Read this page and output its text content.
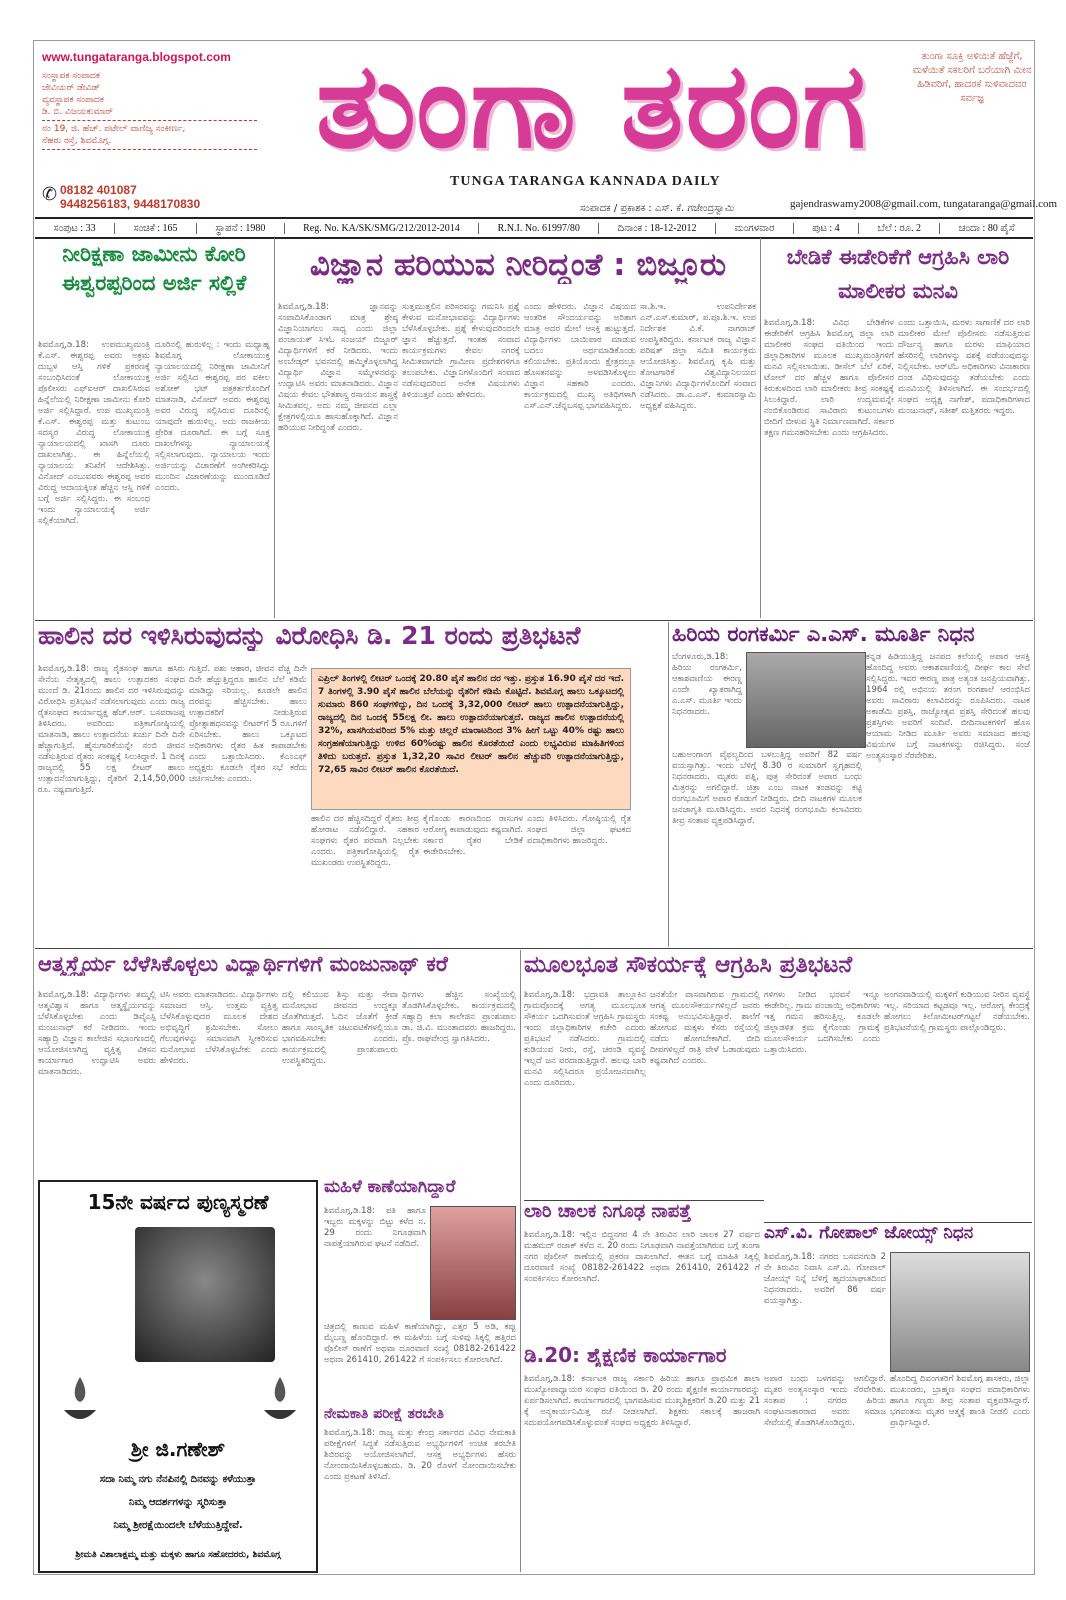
www.tungataranga.blogspot.com
ಸಂಸ್ಥಾಪಕ ಸಂಪಾದಕ
ಜೇವಿಯರ್ ಡೇವಿಡ್
ವ್ಯವಸ್ಥಾಪಕ ಸಂಪಾದಕ
ಡಿ. ಬಿ. ವಿಜಯಕುಮಾರ್
ನಂ 19, ಜಿ. ಹೆಚ್. ಪಟೇಲ್ ವಾಣಿಜ್ಯ ಸಂಕೀರ್ಣ,
ನೆಹರು ರಸ್ತೆ, ಶಿವಮೊಗ್ಗ.
✆ 08182 401087
9448256183, 9448170830
ತುಂಗಾ ತರಂಗ
TUNGA TARANGA KANNADA DAILY
ತುಂಗಾ ಸೂಕ್ತಿ ಅಳಿಯಿತೆ ಹೆಜ್ಜೆಗೆ, ಮಳೆಯಿತೆ ಸಕಲರಿಗೆ ಬರೆಯಾಗಿ ಮೀನ ಹಿಡಿವರಿಗೆ, ಹಾದರಕೆ ಸುಳಿವಾದವರ ಸರ್ವಜ್ಞ
ಸಂಪಾದಕ / ಪ್ರಕಾಶಕ : ಎಸ್. ಕೆ. ಗಜೇಂದ್ರಸ್ವಾಮಿ	gajendraswamy2008@gmail.com, tungataranga@gmail.com
ಸಂಪುಟ : 33	ಸಂಚಿಕೆ : 165	ಸ್ಥಾಪನೆ : 1980	Reg. No. KA/SK/SMG/212/2012-2014	R.N.I. No. 61997/80	ದಿನಾಂಕ : 18-12-2012	ಮಂಗಳವಾರ	ಪುಟ : 4	ಬೆಲೆ : ರೂ. 2	ಚಂದಾ : 80 ಪೈಸೆ
ನೀರಿಕ್ಷಣಾ ಜಾಮೀನು ಕೋರಿ ಈಶ್ವರಪ್ಪರಿಂದ ಅರ್ಜಿ ಸಲ್ಲಿಕೆ	ವಿಜ್ಞಾನ ಹರಿಯುವ ನೀರಿದ್ದಂತೆ : ಬಿಜ್ಜೂರು	ಬೇಡಿಕೆ ಈಡೇರಿಕೆಗೆ ಆಗ್ರಹಿಸಿ ಲಾರಿ ಮಾಲೀಕರ ಮನವಿ
ಶಿವಮೊಗ್ಗ,ಡಿ.18: ಉಪಮುಖ್ಯಮಂತ್ರಿ ಕೆ.ಎಸ್. ಈಶ್ವರಪ್ಪ ಅವರು ಅಕ್ರಮ ದುಬ್ಬಳ ಆಸ್ತಿ ಗಳಿಕೆ ಪ್ರಕರಣಕ್ಕೆ ಸಂಬಂಧಿಸಿದಂತೆ ಲೋಕಾಯುಕ್ತ ಪೊಲೀಸರು ಎಫ್‌ಐಆರ್ ದಾಖಲಿಸಿರುವ ಹಿನ್ನೆಲೆಯಲ್ಲಿ ನಿರೀಕ್ಷಣಾ ಜಾಮೀನು ಕೋರಿ ಅರ್ಜಿ ಸಲ್ಲಿಸಿದ್ದಾರೆ. ಉಪ ಮುಖ್ಯಮಂತ್ರಿ ಕೆ.ಎಸ್. ಈಶ್ವರಪ್ಪ ಮತ್ತು ಕುಟುಂಬ ಸದಸ್ಯರ ವಿರುದ್ಧ ಲೋಕಾಯುಕ್ತ ನ್ಯಾಯಾಲಯದಲ್ಲಿ ಖಾಸಗಿ ದೂರು ದಾಖಲಾಗಿತ್ತು. ಈ ಹಿನ್ನೆಲೆಯಲ್ಲಿ ನ್ಯಾಯಾಲಯ ತನಿಖೆಗೆ ಆದೇಶಿಸಿತ್ತು. ವಿನೋದ್ ಎಂಬುವವರು ಈಶ್ವರಪ್ಪ ಅವರ ವಿರುದ್ಧ ಆದಾಯಕ್ಕಿಂತ ಹೆಚ್ಚಿನ ಆಸ್ತಿ ಗಳಿಕೆ ಬಗ್ಗೆ ಅರ್ಜಿ ಸಲ್ಲಿಸಿದ್ದರು. ಈ ಸಂಬಂಧ ಇಂದು ನ್ಯಾಯಾಲಯಕ್ಕೆ ಅರ್ಜಿ ಸಲ್ಲಿಕೆಯಾಗಿದೆ.
ದೂರಿನಲ್ಲಿ ಹುರುಳಿಲ್ಲ : ಇಂದು ಮಧ್ಯಾಹ್ನ ಶಿವಮೊಗ್ಗ ಲೋಕಾಯುಕ್ತ ನ್ಯಾಯಾಲಯದಲ್ಲಿ ನಿರೀಕ್ಷಣಾ ಜಾಮೀನಿಗೆ ಅರ್ಜಿ ಸಲ್ಲಿಸಿದ ಈಶ್ವರಪ್ಪ ಪರ ವಕೀಲ ಅಶೋಕ್ ಭಟ್ ಪತ್ರಕರ್ತರೊಂದಿಗೆ ಮಾತನಾಡಿ, ವಿನೋದ್ ಅವರು ಈಶ್ವರಪ್ಪ ಅವರ ವಿರುದ್ಧ ಸಲ್ಲಿಸಿರುವ ದೂರಿನಲ್ಲಿ ಯಾವುದೇ ಹುರುಳಿಲ್ಲ. ಅದು ರಾಜಕೀಯ ಪ್ರೇರಿತ ದೂರಾಗಿದೆ. ಈ ಬಗ್ಗೆ ಸೂಕ್ತ ದಾಖಲೆಗಳನ್ನು ನ್ಯಾಯಾಲಯಕ್ಕೆ ಸಲ್ಲಿಸಲಾಗುವುದು. ನ್ಯಾಯಾಲಯ ಇಂದು ಅರ್ಜಿಯನ್ನು ವಿಚಾರಣೆಗೆ ಅಂಗೀಕರಿಸಿದ್ದು ಮುಂದಿನ ವಿಚಾರಣೆಯನ್ನು ಮುಂದೂಡಿದೆ ಎಂದರು.
ಶಿವಮೊಗ್ಗ,ಡಿ.18: ಜ್ಞಾನವನ್ನು ಸಂಪಾದಿಸಿಕೊಂಡಾಗ ಮಾತ್ರ ಶ್ರೇಷ್ಠ ವಿಜ್ಞಾನಿಯಾಗಲು ಸಾಧ್ಯ ಎಂದು ಜಿಲ್ಲಾ ಪಂಚಾಯತ್ ಸಿಇಓ ಸಂಜಯ್ ಬಿಜ್ಜೂರ್ ವಿದ್ಯಾರ್ಥಿಗಳಿಗೆ ಕರೆ ನೀಡಿದರು. ಇಂದು ಅಂಬೇಡ್ಕರ್ ಭವನದಲ್ಲಿ ಹಮ್ಮಿಕೊಳ್ಳಲಾಗಿದ್ದ ವಿದ್ಯಾರ್ಥಿ ವಿಜ್ಞಾನ ಸಮ್ಮೇಳನವನ್ನು ಉದ್ಘಾಟಿಸಿ ಅವರು ಮಾತನಾಡಿದರು. ವಿಜ್ಞಾನ ವಿಷಯ ಕೇವಲ ಭೌತಶಾಸ್ತ್ರ ರಸಾಯನ ಶಾಸ್ತ್ರಕ್ಕೆ ಸೀಮಿತವಲ್ಲ. ಅದು ನಮ್ಮ ಜೀವನದ ಎಲ್ಲಾ ಕ್ಷೇತ್ರಗಳಲ್ಲಿಯೂ ಹಾಸುಹೊಕ್ಕಾಗಿದೆ. ವಿಜ್ಞಾನ ಹರಿಯುವ ನೀರಿದ್ದಂತೆ ಎಂದರು.
ಸುತ್ತಮುತ್ತಲಿನ ಪರಿಸರವನ್ನು ಗಮನಿಸಿ ಪ್ರಶ್ನೆ ಕೇಳುವ ಮನೋಭಾವವನ್ನು ವಿದ್ಯಾರ್ಥಿಗಳು ಬೆಳೆಸಿಕೊಳ್ಳಬೇಕು. ಪ್ರಶ್ನೆ ಕೇಳುವುದರಿಂದಲೇ ಜ್ಞಾನ ಹೆಚ್ಚುತ್ತದೆ. ಇಂತಹ ಸಂವಾದ ಕಾರ್ಯಕ್ರಮಗಳು ಕೇವಲ ನಗರಕ್ಕೆ ಸೀಮಿತವಾಗದೇ ಗ್ರಾಮೀಣ ಪ್ರದೇಶಗಳಿಗೂ ತಲುಪಬೇಕು. ವಿಜ್ಞಾನಿಗಳೊಂದಿಗೆ ಸಂವಾದ ನಡೆಸುವುದರಿಂದ ಅನೇಕ ವಿಷಯಗಳು ತಿಳಿಯುತ್ತವೆ ಎಂದು ಹೇಳಿದರು.
ಎಂದು ಹೇಳಿದರು. ವಿಜ್ಞಾನ ವಿಷಯದ ಆಂತರಿಕ ಸೌಂದರ್ಯವನ್ನು ಅರಿತಾಗ ಮಾತ್ರ ಅದರ ಮೇಲೆ ಆಸಕ್ತಿ ಹುಟ್ಟುತ್ತದೆ. ವಿದ್ಯಾರ್ಥಿಗಳು ಬಾಯಿಪಾಠ ಮಾಡುವ ಬದಲು ಅರ್ಥಮಾಡಿಕೊಂಡು ಕಲಿಯಬೇಕು. ಪ್ರತಿಯೊಂದು ಕ್ಷೇತ್ರದಲ್ಲೂ ಹೊಸತನವನ್ನು ಅಳವಡಿಸಿಕೊಳ್ಳಲು ವಿಜ್ಞಾನ ಸಹಕಾರಿ ಎಂದರು. ಕಾರ್ಯಕ್ರಮದಲ್ಲಿ ಮುಖ್ಯ ಅತಿಥಿಗಳಾಗಿ ಎಸ್.ಎನ್.ಚೆನ್ನಬಸಪ್ಪ ಭಾಗವಹಿಸಿದ್ದರು.
ಸಾ.ಶಿ.ಇ. ಉಪನಿರ್ದೇಶಕ ಎನ್.ಎಸ್.ಕುಮಾರ್, ಪ.ಪೂ.ಶಿ.ಇ. ಉಪ ನಿರ್ದೇಶಕ ವಿ.ಕೆ. ನಾಗರಾಜ್ ಉಪಸ್ಥಿತರಿದ್ದರು. ಕರ್ನಾಟಕ ರಾಜ್ಯ ವಿಜ್ಞಾನ ಪರಿಷತ್ ಜಿಲ್ಲಾ ಸಮಿತಿ ಕಾರ್ಯಕ್ರಮ ಆಯೋಜಿಸಿತ್ತು. ಶಿವಮೊಗ್ಗ ಕೃಷಿ ಮತ್ತು ತೋಟಗಾರಿಕೆ ವಿಶ್ವವಿದ್ಯಾನಿಲಯದ ವಿಜ್ಞಾನಿಗಳು ವಿದ್ಯಾರ್ಥಿಗಳೊಂದಿಗೆ ಸಂವಾದ ನಡೆಸಿದರು. ಡಾ.ಎ.ಎಸ್. ಕುಮಾರಸ್ವಾಮಿ ಅಧ್ಯಕ್ಷತೆ ವಹಿಸಿದ್ದರು.
ಶಿವಮೊಗ್ಗ,ಡಿ.18: ವಿವಿಧ ಬೇಡಿಕೆಗಳ ಈಡೇರಿಕೆಗೆ ಆಗ್ರಹಿಸಿ ಶಿವಮೊಗ್ಗ ಜಿಲ್ಲಾ ಲಾರಿ ಮಾಲೀಕರ ಸಂಘದ ವತಿಯಿಂದ ಇಂದು ಜಿಲ್ಲಾಧಿಕಾರಿಗಳ ಮೂಲಕ ಮುಖ್ಯಮಂತ್ರಿಗಳಿಗೆ ಮನವಿ ಸಲ್ಲಿಸಲಾಯಿತು. ಡೀಸೆಲ್ ಬೆಲೆ ಏರಿಕೆ, ಟೋಲ್ ದರ ಹೆಚ್ಚಳ ಹಾಗೂ ಪೊಲೀಸರ ಕಿರುಕುಳದಿಂದ ಲಾರಿ ಮಾಲೀಕರು ತೀವ್ರ ಸಂಕಷ್ಟಕ್ಕೆ ಸಿಲುಕಿದ್ದಾರೆ. ಲಾರಿ ಉದ್ಯಮವನ್ನೇ ನಂಬಿಕೊಂಡಿರುವ ಸಾವಿರಾರು ಕುಟುಂಬಗಳು ಬೀದಿಗೆ ಬೀಳುವ ಸ್ಥಿತಿ ನಿರ್ಮಾಣವಾಗಿದೆ. ಸರ್ಕಾರ ತಕ್ಷಣ ಗಮನಹರಿಸಬೇಕು ಎಂದು ಆಗ್ರಹಿಸಿದರು.
ಎಂದು ಒತ್ತಾಯಿಸಿ, ಮರಳು ಸಾಗಾಣಿಕೆ ದರ ಲಾರಿ ಮಾಲೀಕರ ಮೇಲೆ ಪೊಲೀಸರು ನಡೆಸುತ್ತಿರುವ ದೌರ್ಜನ್ಯ ಹಾಗೂ ಮರಳು ಮಾಫಿಯಾದ ಹೆಸರಿನಲ್ಲಿ ಲಾರಿಗಳನ್ನು ವಶಕ್ಕೆ ಪಡೆಯುವುದನ್ನು ನಿಲ್ಲಿಸಬೇಕು. ಆರ್‌ಟಿಓ ಅಧಿಕಾರಿಗಳು ವಿನಾಕಾರಣ ದಂಡ ವಿಧಿಸುವುದನ್ನು ತಡೆಯಬೇಕು ಎಂದು ಮನವಿಯಲ್ಲಿ ತಿಳಿಸಲಾಗಿದೆ. ಈ ಸಂದರ್ಭದಲ್ಲಿ ಸಂಘದ ಅಧ್ಯಕ್ಷ ನಾಗೇಶ್, ಪದಾಧಿಕಾರಿಗಳಾದ ಮಂಜುನಾಥ್, ಸತೀಶ್ ಮತ್ತಿತರರು ಇದ್ದರು.
ಹಾಲಿನ ದರ ಇಳಿಸಿರುವುದನ್ನು ವಿರೋಧಿಸಿ ಡಿ. 21 ರಂದು ಪ್ರತಿಭಟನೆ	ಹಿರಿಯ ರಂಗಕರ್ಮಿ ಎ.ಎಸ್. ಮೂರ್ತಿ ನಿಧನ
ಶಿವಮೊಗ್ಗ,ಡಿ.18: ರಾಜ್ಯ ರೈತಸಂಘ ಹಾಗೂ ಹಸಿರು ಸೇನೆಯ ನೇತೃತ್ವದಲ್ಲಿ ಹಾಲು ಉತ್ಪಾದಕರ ಸಂಘದ ಮುಂದೆ ಡಿ. 21ರಂದು ಹಾಲಿನ ದರ ಇಳಿಸಿರುವುದನ್ನು ವಿರೋಧಿಸಿ ಪ್ರತಿಭಟನೆ ನಡೆಸಲಾಗುವುದು ಎಂದು ರಾಜ್ಯ ರೈತಸಂಘದ ಕಾರ್ಯಾಧ್ಯಕ್ಷ ಹೆಚ್.ಆರ್. ಬಸವರಾಜಪ್ಪ ತಿಳಿಸಿದರು. ಅವರಿಂದು ಪತ್ರಿಕಾಗೋಷ್ಠಿಯಲ್ಲಿ ಮಾತನಾಡಿ, ಹಾಲು ಉತ್ಪಾದನೆಯ ಖರ್ಚು ದಿನೇ ದಿನೇ ಹೆಚ್ಚಾಗುತ್ತಿದೆ. ಹೈನುಗಾರಿಕೆಯನ್ನೇ ನಂಬಿ ಜೀವನ ನಡೆಸುತ್ತಿರುವ ರೈತರು ಸಂಕಷ್ಟಕ್ಕೆ ಸಿಲುಕಿದ್ದಾರೆ. 1 ದಿನಕ್ಕೆ ರಾಜ್ಯದಲ್ಲಿ 55 ಲಕ್ಷ ಲೀಟರ್ ಹಾಲು ಉತ್ಪಾದನೆಯಾಗುತ್ತಿದ್ದು, ರೈತರಿಗೆ 2,14,50,000 ರೂ. ನಷ್ಟವಾಗುತ್ತಿದೆ.
ಗುತ್ತಿದೆ. ಪಶು ಆಹಾರ, ಜೀವನ ವೆಚ್ಚ ದಿನೇ ದಿನೇ ಹೆಚ್ಚುತ್ತಿದ್ದರೂ ಹಾಲಿನ ಬೆಲೆ ಕಡಿಮೆ ಮಾಡಿದ್ದು ಸರಿಯಲ್ಲ. ಕೂಡಲೇ ಹಾಲಿನ ದರವನ್ನು ಹೆಚ್ಚಿಸಬೇಕು. ಹಾಲು ಉತ್ಪಾದಕರಿಗೆ ನೀಡುತ್ತಿರುವ ಪ್ರೋತ್ಸಾಹಧನವನ್ನು ಲೀಟರ್‌ಗೆ 5 ರೂ.ಗಳಿಗೆ ಏರಿಸಬೇಕು. ಹಾಲು ಒಕ್ಕೂಟದ ಅಧಿಕಾರಿಗಳು ರೈತರ ಹಿತ ಕಾಪಾಡಬೇಕು ಎಂದು ಒತ್ತಾಯಿಸಿದರು. ಕೆಎಂಎಫ್ ಅಧ್ಯಕ್ಷರು ಕೂಡಲೇ ರೈತರ ಸಭೆ ಕರೆದು ಚರ್ಚಿಸಬೇಕು ಎಂದರು.
ಎಪ್ರಿಲ್ ತಿಂಗಳಲ್ಲಿ ಲೀಟರ್ ಒಂದಕ್ಕೆ 20.80 ಪೈಸೆ ಹಾಲಿನ ದರ ಇತ್ತು. ಪ್ರಸ್ತುತ 16.90 ಪೈಸೆ ದರ ಇದೆ. 7 ತಿಂಗಳಲ್ಲಿ 3.90 ಪೈಸೆ ಹಾಲಿನ ಬೆಲೆಯನ್ನು ರೈತರಿಗೆ ಕಡಿಮೆ ಕೊಟ್ಟಿದೆ. ಶಿವಮೊಗ್ಗ ಹಾಲು ಒಕ್ಕೂಟದಲ್ಲಿ ಸುಮಾರು 860 ಸಂಘಗಳಿದ್ದು, ದಿನ ಒಂದಕ್ಕೆ 3,32,000 ಲೀಟರ್ ಹಾಲು ಉತ್ಪಾದನೆಯಾಗುತ್ತಿದ್ದು, ರಾಜ್ಯದಲ್ಲಿ ದಿನ ಒಂದಕ್ಕೆ 55ಲಕ್ಷ ಲೀ. ಹಾಲು ಉತ್ಪಾದನೆಯಾಗುತ್ತದೆ. ರಾಜ್ಯದ ಹಾಲಿನ ಉತ್ಪಾದನೆಯಲ್ಲಿ 32%, ಖಾಸಗಿಯವರಿಂದ 5% ಮತ್ತು ಚಿಲ್ಲರೆ ಮಾರಾಟದಿಂದ 3% ಹೀಗೆ ಒಟ್ಟು 40% ರಷ್ಟು ಹಾಲು ಸಂಗ್ರಹಣೆಯಾಗುತ್ತಿದ್ದು ಉಳಿದ 60%ರಷ್ಟು ಹಾಲಿನ ಕೊರತೆಯಿದೆ ಎಂದು ಲಭ್ಯವಿರುವ ಮಾಹಿತಿಗಳಿಂದ ತಿಳಿದು ಬರುತ್ತದೆ. ಪ್ರಸ್ತುತ 1,32,20 ಸಾವಿರ ಲೀಟರ್ ಹಾಲಿನ ಹೆಚ್ಚುವರಿ ಉತ್ಪಾದನೆಯಾಗುತ್ತಿದ್ದು, 72,65 ಸಾವಿರ ಲೀಟರ್ ಹಾಲಿನ ಕೊರತೆಯಿದೆ.
ಹಾಲಿನ ದರ ಹೆಚ್ಚಿಸದಿದ್ದರೆ ರೈತರು ತೀವ್ರ ಹೋರಾಟ ನಡೆಸಲಿದ್ದಾರೆ. ಸಹಕಾರ ಸಂಘಗಳು ರೈತರ ಪರವಾಗಿ ನಿಲ್ಲಬೇಕು ಎಂದರು. ಪತ್ರಿಕಾಗೋಷ್ಠಿಯಲ್ಲಿ ರೈತ ಮುಖಂಡರು ಉಪಸ್ಥಿತರಿದ್ದರು.
ಕೈಗೊಂಡು ಕಾರಣದಿಂದ ರಾಸುಗಳ ಆರೋಗ್ಯ ಕಾಪಾಡುವುದು ಕಷ್ಟವಾಗಿದೆ. ಸರ್ಕಾರ ರೈತರ ಬೇಡಿಕೆ ಈಡೇರಿಸಬೇಕು.
ಎಂದು ತಿಳಿಸಿದರು. ಗೋಷ್ಠಿಯಲ್ಲಿ ರೈತ ಸಂಘದ ಜಿಲ್ಲಾ ಘಟಕದ ಪದಾಧಿಕಾರಿಗಳು ಹಾಜರಿದ್ದರು.
ಬೆಂಗಳೂರು,ಡಿ.18: ಹಿರಿಯ ರಂಗಕರ್ಮಿ, ಆಕಾಶವಾಣಿಯ ಈರಣ್ಣ ಎಂದೇ ಖ್ಯಾತರಾಗಿದ್ದ ಎ.ಎಸ್. ಮೂರ್ತಿ ಇಂದು ನಿಧನರಾದರು.
ಬಹುಅಂಗಾಂಗ ವೈಫಲ್ಯದಿಂದ ಬಳಲುತ್ತಿದ್ದ ಅವರಿಗೆ 82 ವರ್ಷ ವಯಸ್ಸಾಗಿತ್ತು. ಇಂದು ಬೆಳಿಗ್ಗೆ 8.30 ರ ಸುಮಾರಿಗೆ ಸ್ವಗೃಹದಲ್ಲಿ ನಿಧನರಾದರು. ಮೃತರು ಪತ್ನಿ, ಪುತ್ರ ಸೇರಿದಂತೆ ಅಪಾರ ಬಂಧು ಮಿತ್ರರನ್ನು ಅಗಲಿದ್ದಾರೆ. ಚಿತ್ರಾ ಎಂಬ ನಾಟಕ ತಂಡವನ್ನು ಕಟ್ಟಿ ರಂಗಭೂಮಿಗೆ ಅಪಾರ ಕೊಡುಗೆ ನೀಡಿದ್ದರು. ಬೀದಿ ನಾಟಕಗಳ ಮೂಲಕ ಜನಜಾಗೃತಿ ಮೂಡಿಸಿದ್ದರು. ಅವರ ನಿಧನಕ್ಕೆ ರಂಗಭೂಮಿ ಕಲಾವಿದರು ತೀವ್ರ ಸಂತಾಪ ವ್ಯಕ್ತಪಡಿಸಿದ್ದಾರೆ.
ಕನ್ನಡ ಹಿಡಿಯುತ್ತಿದ್ದ ಜನಪದ ಕಲೆಯಲ್ಲಿ ಅಪಾರ ಆಸಕ್ತಿ ಹೊಂದಿದ್ದ ಅವರು ಆಕಾಶವಾಣಿಯಲ್ಲಿ ದೀರ್ಘ ಕಾಲ ಸೇವೆ ಸಲ್ಲಿಸಿದ್ದರು. ಇವರ ಈರಣ್ಣ ಪಾತ್ರ ಅತ್ಯಂತ ಜನಪ್ರಿಯವಾಗಿತ್ತು. 1964 ರಲ್ಲಿ ಅಭಿನಯ ತರಂಗ ರಂಗಶಾಲೆ ಆರಂಭಿಸಿದ ಅವರು ಸಾವಿರಾರು ಕಲಾವಿದರನ್ನು ರೂಪಿಸಿದರು. ನಾಟಕ ಅಕಾಡೆಮಿ ಪ್ರಶಸ್ತಿ, ರಾಜ್ಯೋತ್ಸವ ಪ್ರಶಸ್ತಿ ಸೇರಿದಂತೆ ಹಲವು ಪ್ರಶಸ್ತಿಗಳು ಅವರಿಗೆ ಸಂದಿವೆ. ಬೀದಿನಾಟಕಗಳಿಗೆ ಹೊಸ ಆಯಾಮ ನೀಡಿದ ಮೂರ್ತಿ ಅವರು ಸಮಾಜದ ಹಲವು ವಿಷಯಗಳ ಬಗ್ಗೆ ನಾಟಕಗಳನ್ನು ರಚಿಸಿದ್ದರು. ಸಂಜೆ ಅಂತ್ಯಸಂಸ್ಕಾರ ನೆರವೇರಿತು.
ಆತ್ಮಸ್ಥೈರ್ಯ ಬೆಳೆಸಿಕೊಳ್ಳಲು ವಿದ್ಯಾರ್ಥಿಗಳಿಗೆ ಮಂಜುನಾಥ್ ಕರೆ	ಮೂಲಭೂತ ಸೌಕರ್ಯಕ್ಕೆ ಆಗ್ರಹಿಸಿ ಪ್ರತಿಭಟನೆ
ಶಿವಮೊಗ್ಗ,ಡಿ.18: ವಿದ್ಯಾರ್ಥಿಗಳು ತಮ್ಮಲ್ಲಿ ಆತ್ಮವಿಶ್ವಾಸ ಹಾಗೂ ಆತ್ಮಸ್ಥೈರ್ಯವನ್ನು ಬೆಳೆಸಿಕೊಳ್ಳಬೇಕು ಎಂದು ಡಿವೈಎಸ್ಪಿ ಮಂಜುನಾಥ್ ಕರೆ ನೀಡಿದರು. ಇಂದು ಸಹ್ಯಾದ್ರಿ ವಿಜ್ಞಾನ ಕಾಲೇಜಿನ ಸಭಾಂಗಣದಲ್ಲಿ ಆಯೋಜಿಸಲಾಗಿದ್ದ ವ್ಯಕ್ತಿತ್ವ ವಿಕಸನ ಕಾರ್ಯಾಗಾರ ಉದ್ಘಾಟಿಸಿ ಅವರು ಮಾತನಾಡಿದರು.
ಟಿಸಿ ಅವರು ಮಾತನಾಡಿದರು. ವಿದ್ಯಾರ್ಥಿಗಳು ಸಮಾಜದ ಆಸ್ತಿ. ಉತ್ತಮ ವ್ಯಕ್ತಿತ್ವ ಬೆಳೆಸಿಕೊಳ್ಳುವುದರ ಮೂಲಕ ದೇಶದ ಅಭಿವೃದ್ಧಿಗೆ ಶ್ರಮಿಸಬೇಕು. ಸೋಲು ಗೆಲುವುಗಳನ್ನು ಸಮಾನವಾಗಿ ಸ್ವೀಕರಿಸುವ ಮನೋಭಾವ ಬೆಳೆಸಿಕೊಳ್ಳಬೇಕು ಎಂದು ಹೇಳಿದರು.
ದಲ್ಲಿ ಕಲಿಯುವ ಶಿಸ್ತು ಮತ್ತು ಸೇವಾ ಮನೋಭಾವ ಜೀವನದ ಉದ್ದಕ್ಕೂ ಜೊತೆಗಿರುತ್ತದೆ. ಓದಿನ ಜೊತೆಗೆ ಕ್ರೀಡೆ ಹಾಗೂ ಸಾಂಸ್ಕೃತಿಕ ಚಟುವಟಿಕೆಗಳಲ್ಲಿಯೂ ಭಾಗವಹಿಸಬೇಕು ಎಂದರು. ಕಾರ್ಯಕ್ರಮದಲ್ಲಿ ಪ್ರಾಂಶುಪಾಲರು ಉಪಸ್ಥಿತರಿದ್ದರು.
ರ್ಥಿಗಳು ಹೆಚ್ಚಿನ ಸಂಖ್ಯೆಯಲ್ಲಿ ತೊಡಗಿಸಿಕೊಳ್ಳಬೇಕು. ಕಾರ್ಯಕ್ರಮದಲ್ಲಿ ಸಹ್ಯಾದ್ರಿ ಕಲಾ ಕಾಲೇಜಿನ ಪ್ರಾಂಶುಪಾಲ ಡಾ. ಜಿ.ವಿ. ಮುಂತಾದವರು ಹಾಜರಿದ್ದರು. ಪ್ರೊ. ರಾಘವೇಂದ್ರ ಸ್ವಾಗತಿಸಿದರು.
15ನೇ ವರ್ಷದ ಪುಣ್ಯಸ್ಮರಣೆ
ಶ್ರೀ ಜಿ.ಗಣೇಶ್
ಸದಾ ನಿಮ್ಮ ನಗು ನೆನಪಿನಲ್ಲಿ ದಿನವನ್ನು ಕಳೆಯುತ್ತಾ
ನಿಮ್ಮ ಆದರ್ಶಗಳನ್ನು ಸ್ಮರಿಸುತ್ತಾ
ನಿಮ್ಮ ಶ್ರೀರಕ್ಷೆಯಿಂದಲೇ ಬೆಳೆಯುತ್ತಿದ್ದೇವೆ.
ಶ್ರೀಮತಿ ವಿಶಾಲಾಕ್ಷಮ್ಮ ಮತ್ತು ಮಕ್ಕಳು ಹಾಗೂ ಸಹೋದರರು, ಶಿವಮೊಗ್ಗ
ಮಹಿಳೆ ಕಾಣೆಯಾಗಿದ್ದಾರೆ
ಶಿವಮೊಗ್ಗ,ಡಿ.18: ಪತಿ ಹಾಗೂ ಇಬ್ಬರು ಮಕ್ಕಳನ್ನು ಬಿಟ್ಟು ಕಳೆದ ನ. 29 ರಂದು ನಿಗೂಢವಾಗಿ ನಾಪತ್ತೆಯಾಗಿರುವ ಘಟನೆ ನಡೆದಿದೆ.
ಚಿತ್ರದಲ್ಲಿ ಕಾಣುವ ಮಹಿಳೆ ಕಾಣೆಯಾಗಿದ್ದು, ಎತ್ತರ 5 ಅಡಿ, ಕಪ್ಪು ಮೈಬಣ್ಣ ಹೊಂದಿದ್ದಾರೆ. ಈ ಮಹಿಳೆಯ ಬಗ್ಗೆ ಸುಳಿವು ಸಿಕ್ಕಲ್ಲಿ ಹತ್ತಿರದ ಪೊಲೀಸ್ ಠಾಣೆಗೆ ಅಥವಾ ದೂರವಾಣಿ ಸಂಖ್ಯೆ 08182-261422 ಅಥವಾ 261410, 261422 ಗೆ ಸಂಪರ್ಕಿಸಲು ಕೋರಲಾಗಿದೆ.
ನೇಮಕಾತಿ ಪರೀಕ್ಷೆ ತರಬೇತಿ
ಶಿವಮೊಗ್ಗ,ಡಿ.18: ರಾಜ್ಯ ಮತ್ತು ಕೇಂದ್ರ ಸರ್ಕಾರದ ವಿವಿಧ ನೇಮಕಾತಿ ಪರೀಕ್ಷೆಗಳಿಗೆ ಸಿದ್ಧತೆ ನಡೆಸುತ್ತಿರುವ ಅಭ್ಯರ್ಥಿಗಳಿಗೆ ಉಚಿತ ತರಬೇತಿ ಶಿಬಿರವನ್ನು ಆಯೋಜಿಸಲಾಗಿದೆ. ಆಸಕ್ತ ಅಭ್ಯರ್ಥಿಗಳು ಹೆಸರು ನೋಂದಾಯಿಸಿಕೊಳ್ಳಬಹುದು. ಡಿ. 20 ರೊಳಗೆ ನೋಂದಾಯಿಸಬೇಕು ಎಂದು ಪ್ರಕಟಣೆ ತಿಳಿಸಿದೆ.
ಶಿವಮೊಗ್ಗ,ಡಿ.18: ಭದ್ರಾವತಿ ತಾಲ್ಲೂಕಿನ ಗ್ರಾಮವೊಂದಕ್ಕೆ ಅಗತ್ಯ ಮೂಲಭೂತ ಸೌಕರ್ಯ ಒದಗಿಸುವಂತೆ ಆಗ್ರಹಿಸಿ ಗ್ರಾಮಸ್ಥರು ಇಂದು ಜಿಲ್ಲಾಧಿಕಾರಿಗಳ ಕಚೇರಿ ಎದುರು ಪ್ರತಿಭಟನೆ ನಡೆಸಿದರು. ಗ್ರಾಮದಲ್ಲಿ ಕುಡಿಯುವ ನೀರು, ರಸ್ತೆ, ಚರಂಡಿ ವ್ಯವಸ್ಥೆ ಇಲ್ಲದೆ ಜನ ಪರದಾಡುತ್ತಿದ್ದಾರೆ. ಹಲವು ಬಾರಿ ಮನವಿ ಸಲ್ಲಿಸಿದರೂ ಪ್ರಯೋಜನವಾಗಿಲ್ಲ ಎಂದು ದೂರಿದರು.
ಜನತೆಯೇ ವಾಸವಾಗಿರುವ ಗ್ರಾಮದಲ್ಲಿ ಆಗತ್ಯ ಮೂಲಸೌಕರ್ಯಗಳಿಲ್ಲದೆ ಜನರು ಸಂಕಷ್ಟ ಅನುಭವಿಸುತ್ತಿದ್ದಾರೆ. ಶಾಲೆಗೆ ಹೋಗುವ ಮಕ್ಕಳು ಕೆಸರು ರಸ್ತೆಯಲ್ಲಿ ನಡೆದು ಹೋಗಬೇಕಾಗಿದೆ. ಬೀದಿ ದೀಪಗಳಿಲ್ಲದೆ ರಾತ್ರಿ ವೇಳೆ ಓಡಾಡುವುದು ಕಷ್ಟವಾಗಿದೆ ಎಂದರು.
ಗಳಿಗಳು ನೀಡಿದ ಭರವಸೆ ಇನ್ನೂ ಈಡೇರಿಲ್ಲ. ಗ್ರಾಮ ಪಂಚಾಯ್ತಿ ಅಧಿಕಾರಿಗಳು ಇತ್ತ ಗಮನ ಹರಿಸುತ್ತಿಲ್ಲ. ಕೂಡಲೇ ಜಿಲ್ಲಾಡಳಿತ ಕ್ರಮ ಕೈಗೊಂಡು ಗ್ರಾಮಕ್ಕೆ ಮೂಲಸೌಕರ್ಯ ಒದಗಿಸಬೇಕು ಎಂದು ಒತ್ತಾಯಿಸಿದರು.
ಅಂಗನವಾಡಿಯಲ್ಲಿ ಮಕ್ಕಳಿಗೆ ಕುಡಿಯುವ ನೀರಿನ ವ್ಯವಸ್ಥೆ ಇಲ್ಲ. ಸರಿಯಾದ ಕಟ್ಟಡವೂ ಇಲ್ಲ. ಆರೋಗ್ಯ ಕೇಂದ್ರಕ್ಕೆ ಹೋಗಲು ಕಿಲೋಮೀಟರ್‌ಗಟ್ಟಲೆ ನಡೆಯಬೇಕು. ಪ್ರತಿಭಟನೆಯಲ್ಲಿ ಗ್ರಾಮಸ್ಥರು ಪಾಲ್ಗೊಂಡಿದ್ದರು.
ಲಾರಿ ಚಾಲಕ ನಿಗೂಢ ನಾಪತ್ತೆ
ಶಿವಮೊಗ್ಗ,ಡಿ.18: ಇಲ್ಲಿನ ಬಿದ್ದನಗರ 4 ನೇ ತಿರುವಿನ ಲಾರಿ ಚಾಲಕ 27 ವರ್ಷದ ಮಹಮದ್ ರಜಾಕ್ ಕಳೆದ ನ. 20 ರಂದು ನಿಗೂಢವಾಗಿ ನಾಪತ್ತೆಯಾಗಿರುವ ಬಗ್ಗೆ ತುಂಗಾ ನಗರ ಪೊಲೀಸ್ ಠಾಣೆಯಲ್ಲಿ ಪ್ರಕರಣ ದಾಖಲಾಗಿದೆ. ಈತನ ಬಗ್ಗೆ ಮಾಹಿತಿ ಸಿಕ್ಕಲ್ಲಿ ದೂರವಾಣಿ ಸಂಖ್ಯೆ 08182-261422 ಅಥವಾ 261410, 261422 ಗೆ ಸಂಪರ್ಕಿಸಲು ಕೋರಲಾಗಿದೆ.
ಡಿ.20: ಶೈಕ್ಷಣಿಕ ಕಾರ್ಯಾಗಾರ
ಶಿವಮೊಗ್ಗ,ಡಿ.18: ಕರ್ನಾಟಕ ರಾಜ್ಯ ಸರ್ಕಾರಿ ಹಿರಿಯ ಹಾಗೂ ಪ್ರಾಥಮಿಕ ಶಾಲಾ ಮುಖ್ಯೋಪಾಧ್ಯಾಯರ ಸಂಘದ ವತಿಯಿಂದ ಡಿ. 20 ರಂದು ಶೈಕ್ಷಣಿಕ ಕಾರ್ಯಾಗಾರವನ್ನು ಏರ್ಪಡಿಸಲಾಗಿದೆ. ಕಾರ್ಯಾಗಾರದಲ್ಲಿ ಭಾಗವಹಿಸುವ ಮುಖ್ಯಶಿಕ್ಷಕರಿಗೆ ಡಿ.20 ಮತ್ತು 21 ಕ್ಕೆ ಅನ್ಯಕಾರ್ಯನಿಮಿತ್ತ ರಜೆ ನೀಡಲಾಗಿದೆ. ಶಿಕ್ಷಕರು ಸಕಾಲಕ್ಕೆ ಹಾಜರಾಗಿ ಸದುಪಯೋಗಪಡಿಸಿಕೊಳ್ಳುವಂತೆ ಸಂಘದ ಅಧ್ಯಕ್ಷರು ತಿಳಿಸಿದ್ದಾರೆ.
ಎಸ್.ವಿ. ಗೋಪಾಲ್ ಜೋಯ್ಸ್ ನಿಧನ
ಶಿವಮೊಗ್ಗ,ಡಿ.18: ನಗರದ ಬಸವನಗುಡಿ 2 ನೇ ತಿರುವಿನ ನಿವಾಸಿ ಎಸ್.ವಿ. ಗೋಪಾಲ್ ಜೋಯ್ಸ್ ನಿನ್ನೆ ಬೆಳಿಗ್ಗೆ ಹೃದಯಾಘಾತದಿಂದ ನಿಧನರಾದರು. ಅವರಿಗೆ 86 ವರ್ಷ ವಯಸ್ಸಾಗಿತ್ತು.
ಅಪಾರ ಬಂಧು ಬಳಗವನ್ನು ಅಗಲಿದ್ದಾರೆ. ಮೃತರ ಅಂತ್ಯಸಂಸ್ಕಾರ ಇಂದು ನೆರವೇರಿತು. ಸಂತಾಪ : ನಗರದ ಹಿರಿಯ ಸಂಘಟನಾಕಾರರಾದ ಅವರು ಸಮಾಜ ಸೇವೆಯಲ್ಲಿ ತೊಡಗಿಸಿಕೊಂಡಿದ್ದರು.
ಹೊಂದಿದ್ದ ದಿವಂಗತರಿಗೆ ಶಿವಮೊಗ್ಗ ಶಾಸಕರು, ಜಿಲ್ಲಾ ಮುಖಂಡರು, ಬ್ರಾಹ್ಮಣ ಸಂಘದ ಪದಾಧಿಕಾರಿಗಳು ಹಾಗೂ ಗಣ್ಯರು ತೀವ್ರ ಸಂತಾಪ ವ್ಯಕ್ತಪಡಿಸಿದ್ದಾರೆ. ಭಗವಂತನು ಮೃತರ ಆತ್ಮಕ್ಕೆ ಶಾಂತಿ ನೀಡಲಿ ಎಂದು ಪ್ರಾರ್ಥಿಸಿದ್ದಾರೆ.
